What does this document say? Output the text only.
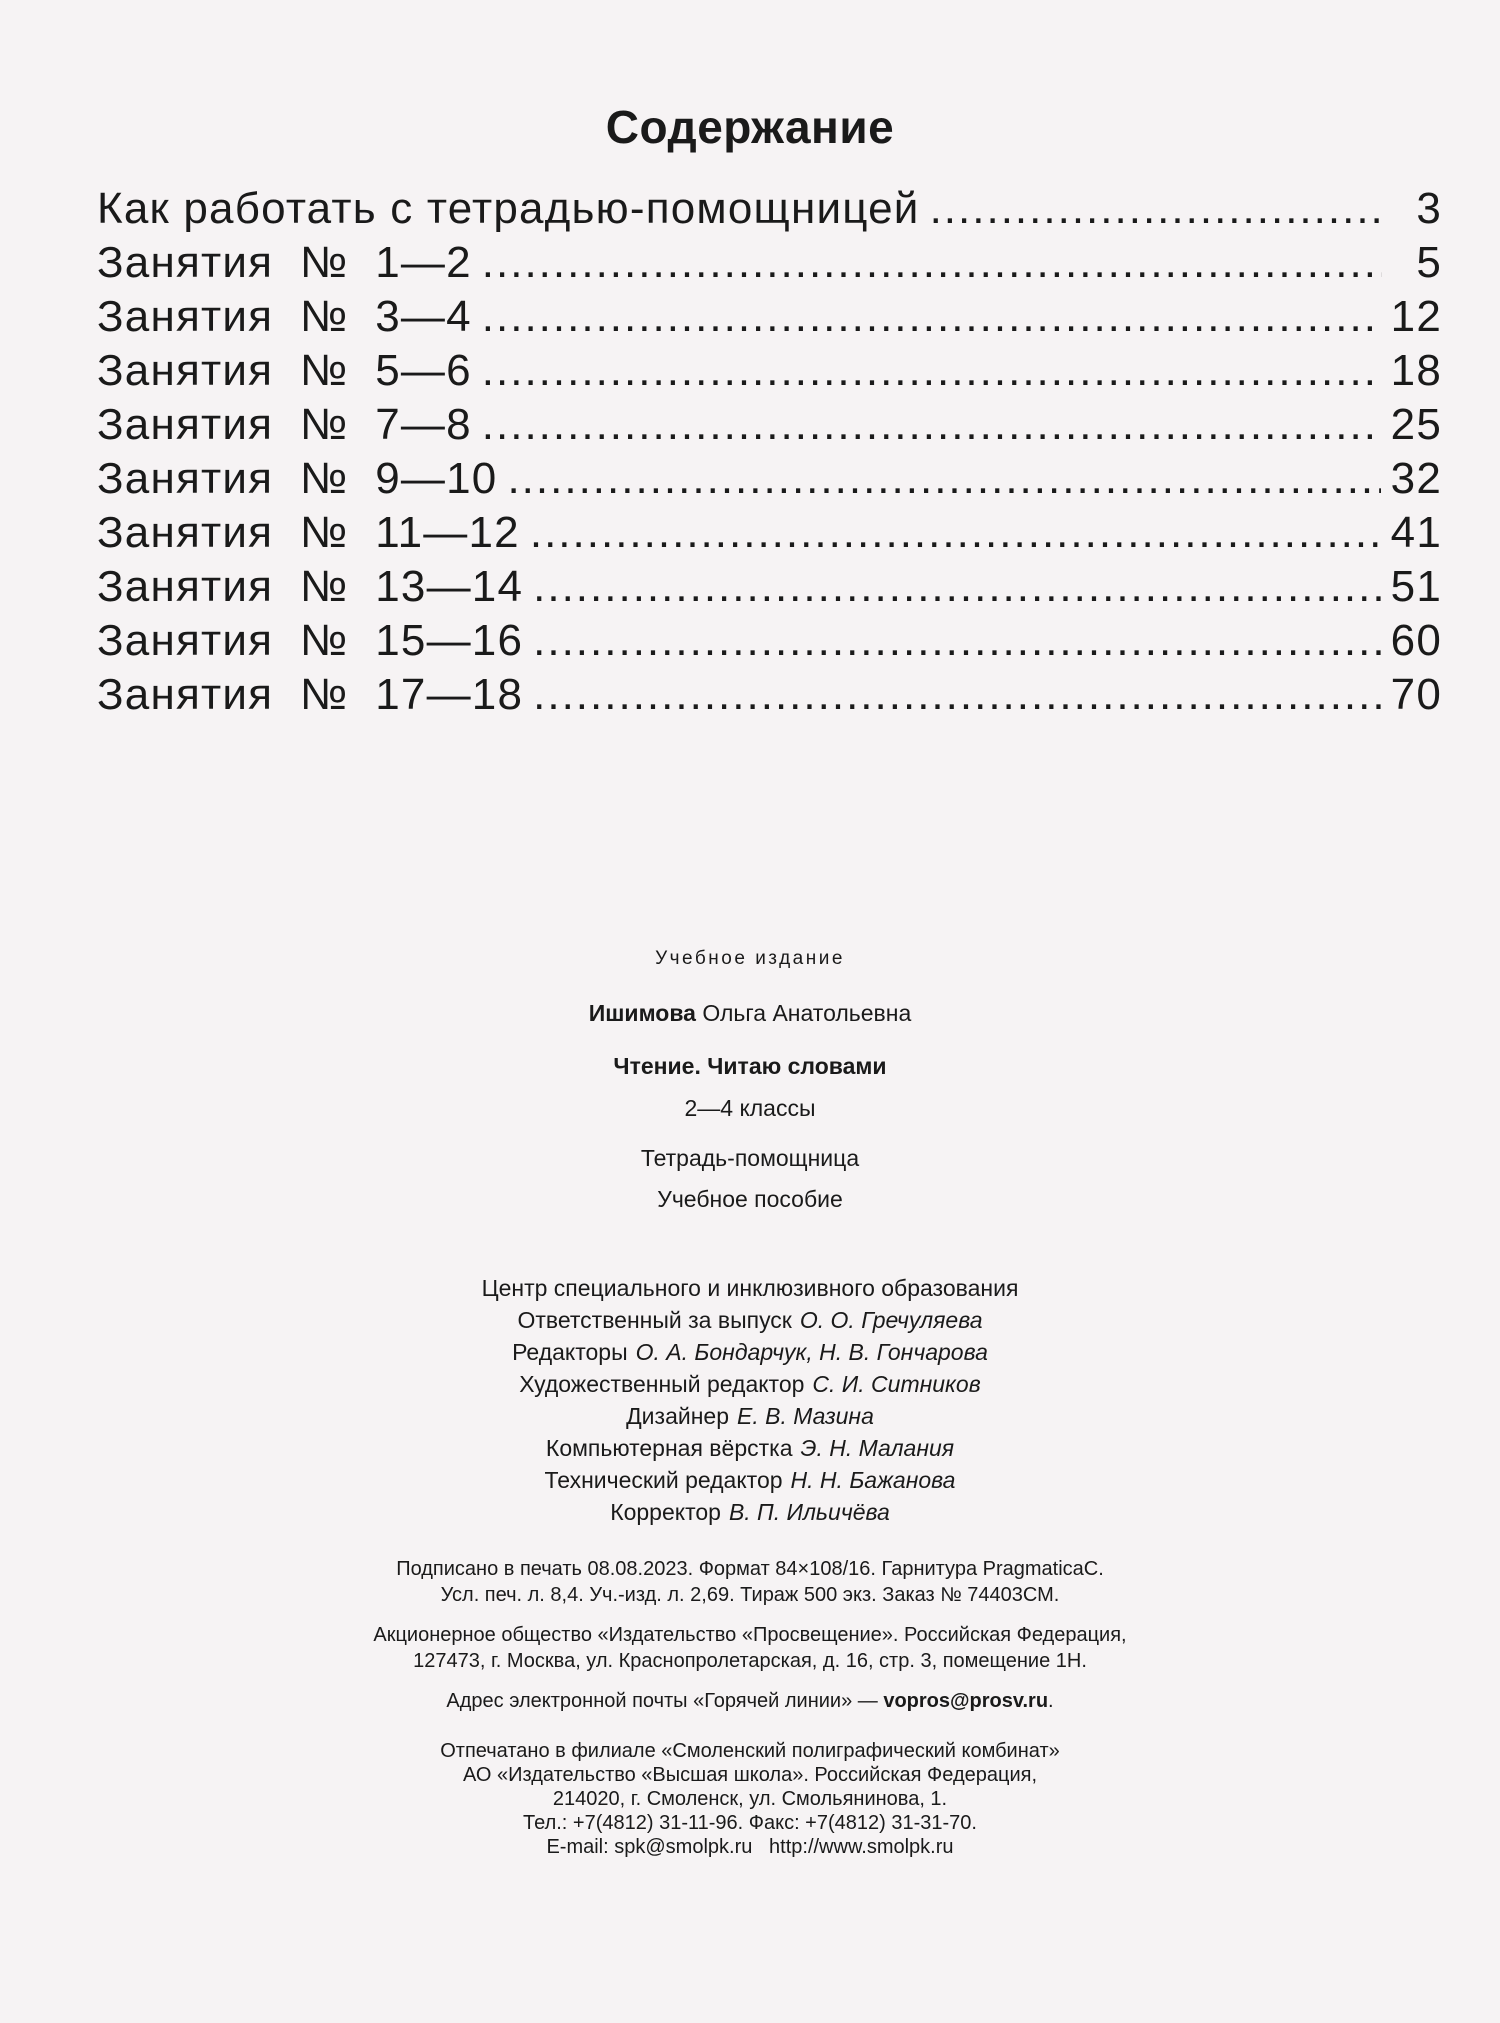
Содержание
Как работать с тетрадью-помощницей .....	3
Занятия  №  1—2 .....	5
Занятия  №  3—4 .....	12
Занятия  №  5—6 .....	18
Занятия  №  7—8 .....	25
Занятия  №  9—10 .....	32
Занятия  №  11—12 .....	41
Занятия  №  13—14 .....	51
Занятия  №  15—16 .....	60
Занятия  №  17—18 .....	70
Учебное издание
Ишимова Ольга Анатольевна
Чтение. Читаю словами
2—4 классы
Тетрадь-помощница
Учебное пособие
Центр специального и инклюзивного образования
Ответственный за выпуск О. О. Гречуляева
Редакторы О. А. Бондарчук, Н. В. Гончарова
Художественный редактор С. И. Ситников
Дизайнер Е. В. Мазина
Компьютерная вёрстка Э. Н. Малания
Технический редактор Н. Н. Бажанова
Корректор В. П. Ильичёва
Подписано в печать 08.08.2023. Формат 84×108/16. Гарнитура PragmaticaC.
Усл. печ. л. 8,4. Уч.-изд. л. 2,69. Тираж 500 экз. Заказ № 74403СМ.
Акционерное общество «Издательство «Просвещение». Российская Федерация,
127473, г. Москва, ул. Краснопролетарская, д. 16, стр. 3, помещение 1Н.
Адрес электронной почты «Горячей линии» — vopros@prosv.ru.
Отпечатано в филиале «Смоленский полиграфический комбинат»
АО «Издательство «Высшая школа». Российская Федерация,
214020, г. Смоленск, ул. Смольянинова, 1.
Тел.: +7(4812) 31-11-96. Факс: +7(4812) 31-31-70.
E-mail: spk@smolpk.ru   http://www.smolpk.ru
